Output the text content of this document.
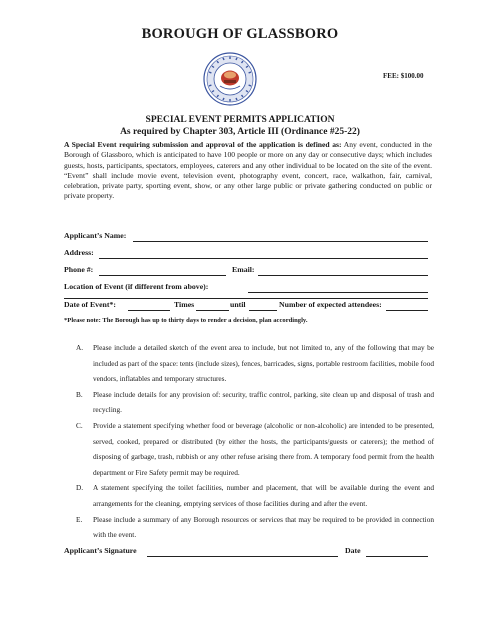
BOROUGH OF GLASSBORO
FEE: $100.00
SPECIAL EVENT PERMITS APPLICATION
As required by Chapter 303, Article III (Ordinance #25-22)
A Special Event requiring submission and approval of the application is defined as: Any event, conducted in the Borough of Glassboro, which is anticipated to have 100 people or more on any day or consecutive days; which includes guests, hosts, participants, spectators, employees, caterers and any other individual to be located on the site of the event. “Event” shall include movie event, television event, photography event, concert, race, walkathon, fair, carnival, celebration, private party, sporting event, show, or any other large public or private gathering conducted on public or private property.
Applicant’s Name:
Address:
Phone #:	Email:
Location of Event (if different from above):
Date of Event*:	Times	until	Number of expected attendees:
*Please note: The Borough has up to thirty days to render a decision, plan accordingly.
A. Please include a detailed sketch of the event area to include, but not limited to, any of the following that may be included as part of the space: tents (include sizes), fences, barricades, signs, portable restroom facilities, mobile food vendors, inflatables and temporary structures.
B. Please include details for any provision of: security, traffic control, parking, site clean up and disposal of trash and recycling.
C. Provide a statement specifying whether food or beverage (alcoholic or non-alcoholic) are intended to be presented, served, cooked, prepared or distributed (by either the hosts, the participants/guests or caterers); the method of disposing of garbage, trash, rubbish or any other refuse arising there from. A temporary food permit from the health department or Fire Safety permit may be required.
D. A statement specifying the toilet facilities, number and placement, that will be available during the event and arrangements for the cleaning, emptying services of those facilities during and after the event.
E. Please include a summary of any Borough resources or services that may be required to be provided in connection with the event.
Applicant’s Signature	Date
